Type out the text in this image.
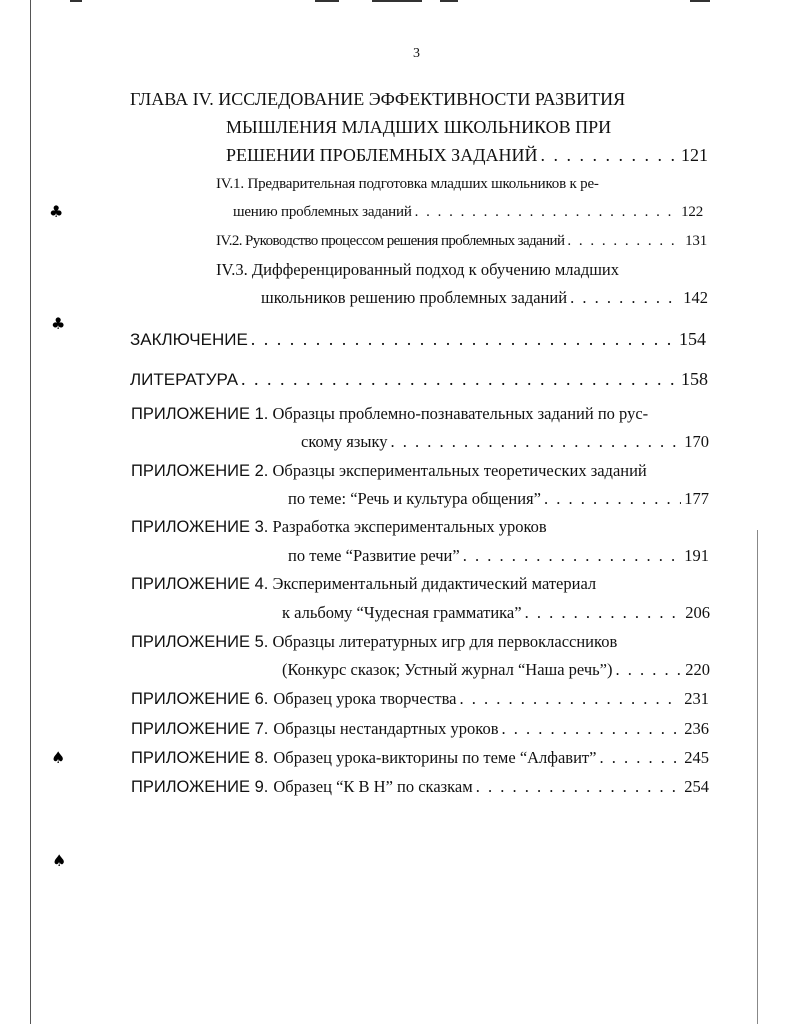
♣
♣
♠
♠
3
ГЛАВА IV. ИССЛЕДОВАНИЕ ЭФФЕКТИВНОСТИ РАЗВИТИЯ
МЫШЛЕНИЯ МЛАДШИХ ШКОЛЬНИКОВ ПРИ
РЕШЕНИИ ПРОБЛЕМНЫХ ЗАДАНИЙ . . .	121
IV.1. Предварительная подготовка младших школьников к ре-
шению проблемных заданий . . .	122
IV.2. Руководство процессом решения проблемных заданий . . .	131
IV.3. Дифференцированный подход к обучению младших
школьников решению проблемных заданий . . .	142
ЗАКЛЮЧЕНИЕ . . .	154
ЛИТЕРАТУРА . . .	158
ПРИЛОЖЕНИЕ 1. Образцы проблемно-познавательных заданий по рус-
скому языку . . .	170
ПРИЛОЖЕНИЕ 2. Образцы экспериментальных теоретических заданий
по теме: “Речь и культура общения” . . .	177
ПРИЛОЖЕНИЕ 3. Разработка экспериментальных уроков
по теме “Развитие речи” . . .	191
ПРИЛОЖЕНИЕ 4. Экспериментальный дидактический материал
к альбому “Чудесная грамматика” . . .	206
ПРИЛОЖЕНИЕ 5. Образцы литературных игр для первоклассников
(Конкурс сказок; Устный журнал “Наша речь”) . . .	220
ПРИЛОЖЕНИЕ 6. Образец урока творчества . . .	231
ПРИЛОЖЕНИЕ 7. Образцы нестандартных уроков . . .	236
ПРИЛОЖЕНИЕ 8. Образец урока-викторины по теме “Алфавит” . . .	245
ПРИЛОЖЕНИЕ 9. Образец “К В Н” по сказкам . . .	254
